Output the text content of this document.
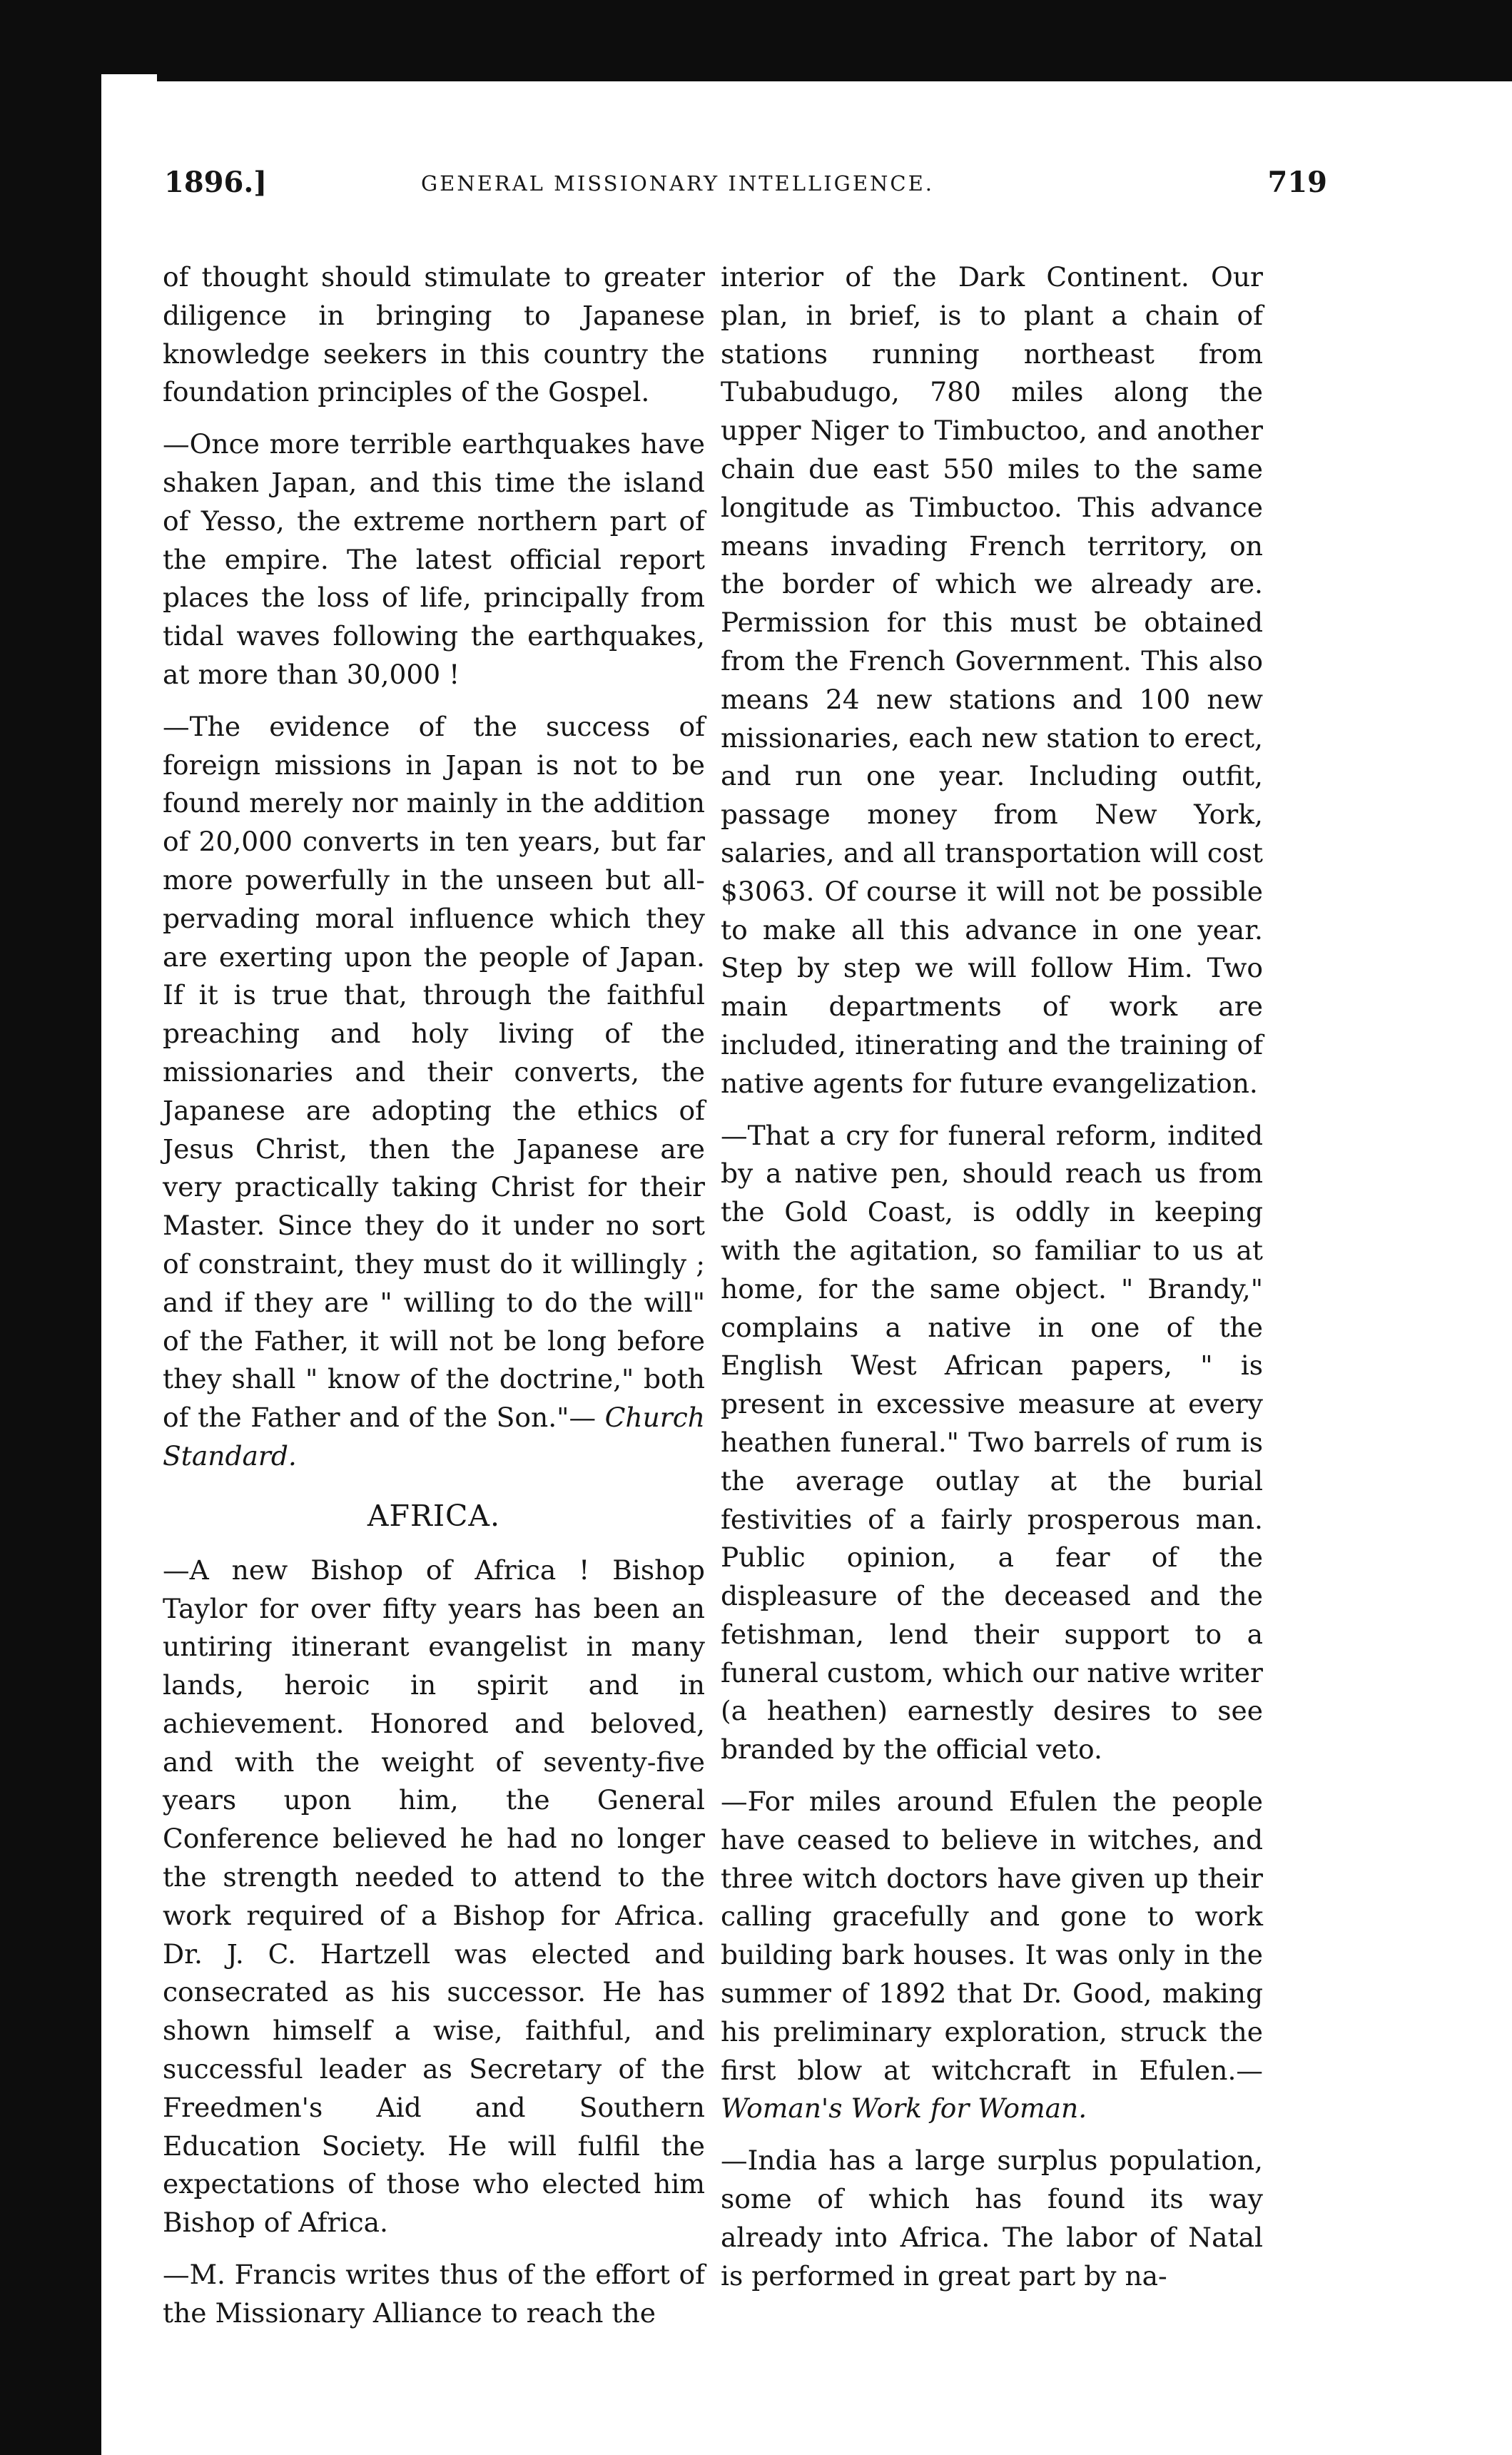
1896.]	GENERAL MISSIONARY INTELLIGENCE.	719

of thought should stimulate to greater diligence in bringing to Japanese knowledge seekers in this country the foundation principles of the Gospel.

—Once more terrible earthquakes have shaken Japan, and this time the island of Yesso, the extreme northern part of the empire. The latest official report places the loss of life, principally from tidal waves following the earthquakes, at more than 30,000 !

—The evidence of the success of foreign missions in Japan is not to be found merely nor mainly in the addition of 20,000 converts in ten years, but far more powerfully in the unseen but all-pervading moral influence which they are exerting upon the people of Japan. If it is true that, through the faithful preaching and holy living of the missionaries and their converts, the Japanese are adopting the ethics of Jesus Christ, then the Japanese are very practically taking Christ for their Master. Since they do it under no sort of constraint, they must do it willingly ; and if they are " willing to do the will" of the Father, it will not be long before they shall " know of the doctrine," both of the Father and of the Son."— Church Standard.

AFRICA.

—A new Bishop of Africa ! Bishop Taylor for over fifty years has been an untiring itinerant evangelist in many lands, heroic in spirit and in achievement. Honored and beloved, and with the weight of seventy-five years upon him, the General Conference believed he had no longer the strength needed to attend to the work required of a Bishop for Africa. Dr. J. C. Hartzell was elected and consecrated as his successor. He has shown himself a wise, faithful, and successful leader as Secretary of the Freedmen's Aid and Southern Education Society. He will fulfil the expectations of those who elected him Bishop of Africa.

—M. Francis writes thus of the effort of the Missionary Alliance to reach the

interior of the Dark Continent. Our plan, in brief, is to plant a chain of stations running northeast from Tubabudugo, 780 miles along the upper Niger to Timbuctoo, and another chain due east 550 miles to the same longitude as Timbuctoo. This advance means invading French territory, on the border of which we already are. Permission for this must be obtained from the French Government. This also means 24 new stations and 100 new missionaries, each new station to erect, and run one year. Including outfit, passage money from New York, salaries, and all transportation will cost $3063. Of course it will not be possible to make all this advance in one year. Step by step we will follow Him. Two main departments of work are included, itinerating and the training of native agents for future evangelization.

—That a cry for funeral reform, indited by a native pen, should reach us from the Gold Coast, is oddly in keeping with the agitation, so familiar to us at home, for the same object. " Brandy," complains a native in one of the English West African papers, " is present in excessive measure at every heathen funeral." Two barrels of rum is the average outlay at the burial festivities of a fairly prosperous man. Public opinion, a fear of the displeasure of the deceased and the fetishman, lend their support to a funeral custom, which our native writer (a heathen) earnestly desires to see branded by the official veto.

—For miles around Efulen the people have ceased to believe in witches, and three witch doctors have given up their calling gracefully and gone to work building bark houses. It was only in the summer of 1892 that Dr. Good, making his preliminary exploration, struck the first blow at witchcraft in Efulen.—Woman's Work for Woman.

—India has a large surplus population, some of which has found its way already into Africa. The labor of Natal is performed in great part by na-
